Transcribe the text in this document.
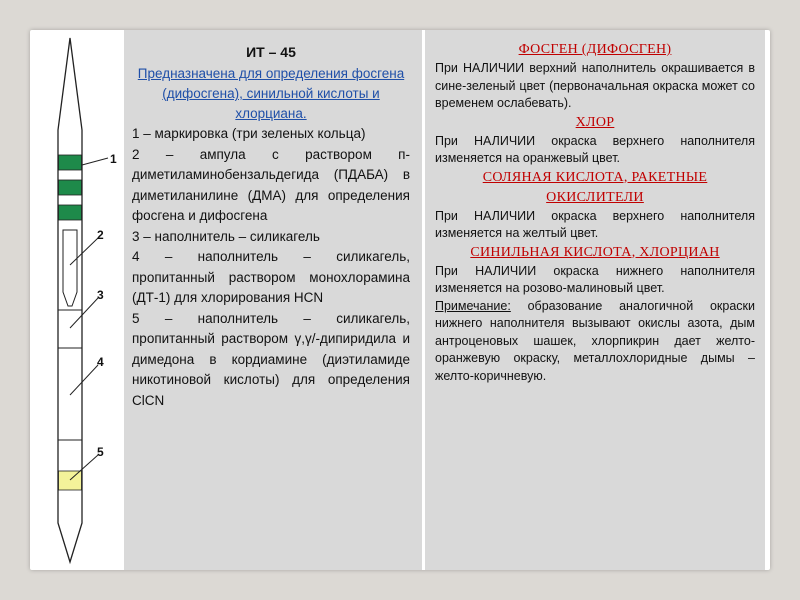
1
2
3
4
5
ИТ – 45
Предназначена для определения фосгена (дифосгена), синильной кислоты и хлорциана.
1 – маркировка (три зеленых кольца)
2 – ампула с раствором п-диметиламинобензальдегида (ПДАБА) в диметиланилине (ДМА) для определения фосгена и дифосгена
3 – наполнитель – силикагель
4 – наполнитель – силикагель, пропитанный раствором монохлорамина (ДТ-1) для хлорирования HCN
5 – наполнитель – силикагель, пропитанный раствором γ,γ/-дипиридила и димедона в кордиамине (диэтиламиде никотиновой кислоты) для определения ClCN
ФОСГЕН (ДИФОСГЕН)
При НАЛИЧИИ верхний наполнитель окрашивается в сине-зеленый цвет (первоначальная окраска может со временем ослабевать).
ХЛОР
При НАЛИЧИИ окраска верхнего наполнителя изменяется на оранжевый цвет.
СОЛЯНАЯ КИСЛОТА, РАКЕТНЫЕ ОКИСЛИТЕЛИ
При НАЛИЧИИ окраска верхнего наполнителя изменяется на желтый цвет.
СИНИЛЬНАЯ КИСЛОТА, ХЛОРЦИАН
При НАЛИЧИИ окраска нижнего наполнителя изменяется на розово-малиновый цвет.
Примечание: образование аналогичной окраски нижнего наполнителя вызывают окислы азота, дым антроценовых шашек, хлорпикрин дает желто-оранжевую окраску, металлохлоридные дымы – желто-коричневую.
